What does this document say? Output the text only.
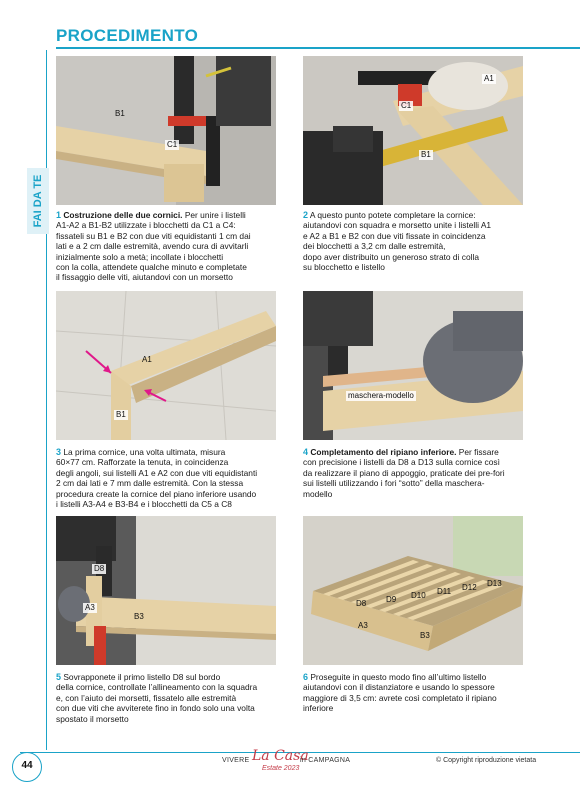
PROCEDIMENTO
FAI DA TE
B1
C1
A1
C1
B1
1 Costruzione delle due cornici. Per unire i listelli
A1-A2 a B1-B2 utilizzate i blocchetti da C1 a C4:
fissateli su B1 e B2 con due viti equidistanti 1 cm dai
lati e a 2 cm dalle estremità, avendo cura di avvitarli
inizialmente solo a metà; incollate i blocchetti
con la colla, attendete qualche minuto e completate
il fissaggio delle viti, aiutandovi con un morsetto
2 A questo punto potete completare la cornice:
aiutandovi con squadra e morsetto unite i listelli A1
e A2 a B1 e B2 con due viti fissate in coincidenza
dei blocchetti a 3,2 cm dalle estremità,
dopo aver distribuito un generoso strato di colla
su blocchetto e listello
A1
B1
maschera-modello
3 La prima cornice, una volta ultimata, misura
60×77 cm. Rafforzate la tenuta, in coincidenza
degli angoli, sui listelli A1 e A2 con due viti equidistanti
2 cm dai lati e 7 mm dalle estremità. Con la stessa
procedura create la cornice del piano inferiore usando
i listelli A3-A4 e B3-B4 e i blocchetti da C5 a C8
4 Completamento del ripiano inferiore. Per fissare
con precisione i listelli da D8 a D13 sulla cornice così
da realizzare il piano di appoggio, praticate dei pre-fori
sui listelli utilizzando i fori “sotto” della maschera-
modello
D8
A3
B3
D8 D9 D10 D11 D12 D13
A3
B3
5 Sovrapponete il primo listello D8 sul bordo
della cornice, controllate l’allineamento con la squadra
e, con l’aiuto dei morsetti, fissatelo alle estremità
con due viti che avviterete fino in fondo solo una volta
spostato il morsetto
6 Proseguite in questo modo fino all’ultimo listello
aiutandovi con il distanziatore e usando lo spessore
maggiore di 3,5 cm: avrete così completato il ripiano
inferiore
44	VIVERE La Casa
in CAMPAGNA
Estate 2023
© Copyright riproduzione vietata
